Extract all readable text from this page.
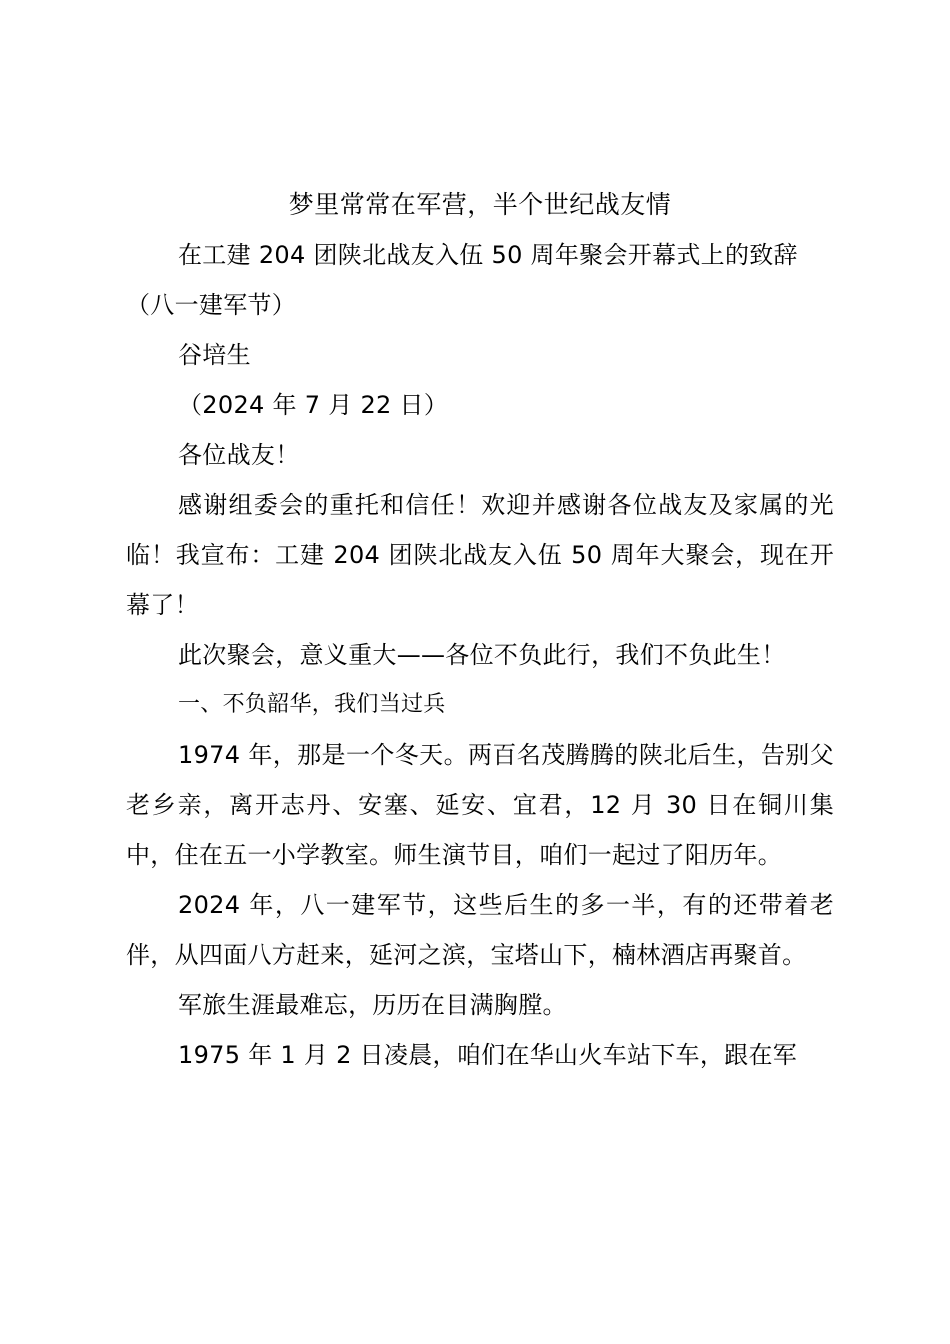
梦里常常在军营，半个世纪战友情

在工建 204 团陕北战友入伍 50 周年聚会开幕式上的致辞

（八一建军节）

谷培生

（2024 年 7 月 22 日）

各位战友！

感谢组委会的重托和信任！欢迎并感谢各位战友及家属的光临！我宣布：工建 204 团陕北战友入伍 50 周年大聚会，现在开幕了！

此次聚会，意义重大——各位不负此行，我们不负此生！

一、不负韶华，我们当过兵

1974 年，那是一个冬天。两百名茂腾腾的陕北后生，告别父老乡亲，离开志丹、安塞、延安、宜君，12 月 30 日在铜川集中，住在五一小学教室。师生演节目，咱们一起过了阳历年。

2024 年，八一建军节，这些后生的多一半，有的还带着老伴，从四面八方赶来，延河之滨，宝塔山下，楠林酒店再聚首。

军旅生涯最难忘，历历在目满胸膛。

1975 年 1 月 2 日凌晨，咱们在华山火车站下车，跟在军
